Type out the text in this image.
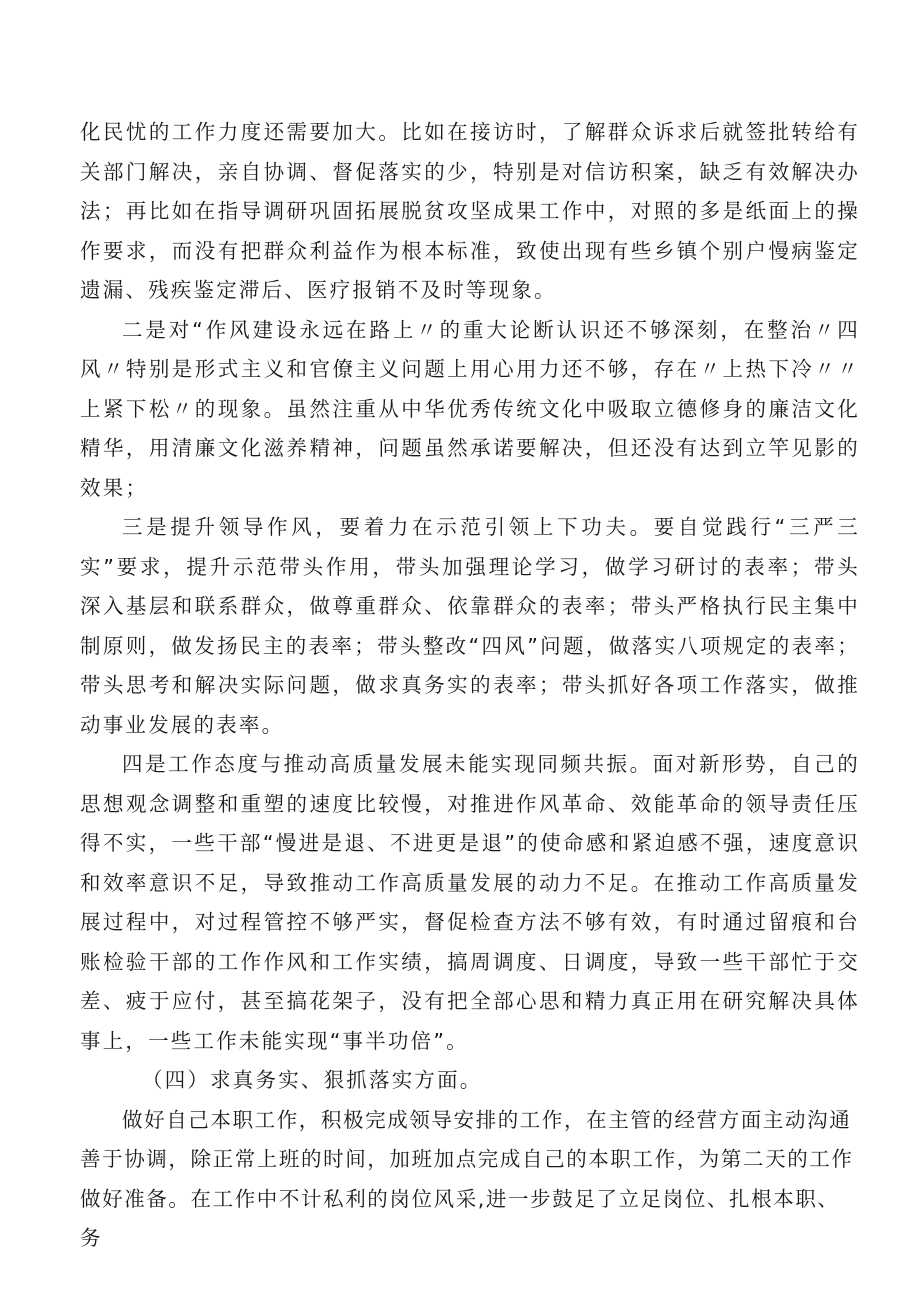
化民忧的工作力度还需要加大。比如在接访时，了解群众诉求后就签批转给有关部门解决，亲自协调、督促落实的少，特别是对信访积案，缺乏有效解决办法；再比如在指导调研巩固拓展脱贫攻坚成果工作中，对照的多是纸面上的操作要求，而没有把群众利益作为根本标准，致使出现有些乡镇个别户慢病鉴定遗漏、残疾鉴定滞后、医疗报销不及时等现象。

二是对“作风建设永远在路上〃的重大论断认识还不够深刻，在整治〃四风〃特别是形式主义和官僚主义问题上用心用力还不够，存在〃上热下冷〃〃上紧下松〃的现象。虽然注重从中华优秀传统文化中吸取立德修身的廉洁文化精华，用清廉文化滋养精神，问题虽然承诺要解决，但还没有达到立竿见影的效果；

三是提升领导作风，要着力在示范引领上下功夫。要自觉践行“三严三实”要求，提升示范带头作用，带头加强理论学习，做学习研讨的表率；带头深入基层和联系群众，做尊重群众、依靠群众的表率；带头严格执行民主集中制原则，做发扬民主的表率；带头整改“四风”问题，做落实八项规定的表率；带头思考和解决实际问题，做求真务实的表率；带头抓好各项工作落实，做推动事业发展的表率。

四是工作态度与推动高质量发展未能实现同频共振。面对新形势，自己的思想观念调整和重塑的速度比较慢，对推进作风革命、效能革命的领导责任压得不实，一些干部“慢进是退、不进更是退”的使命感和紧迫感不强，速度意识和效率意识不足，导致推动工作高质量发展的动力不足。在推动工作高质量发展过程中，对过程管控不够严实，督促检查方法不够有效，有时通过留痕和台账检验干部的工作作风和工作实绩，搞周调度、日调度，导致一些干部忙于交差、疲于应付，甚至搞花架子，没有把全部心思和精力真正用在研究解决具体事上，一些工作未能实现“事半功倍”。

（四）求真务实、狠抓落实方面。

做好自己本职工作，积极完成领导安排的工作，在主管的经营方面主动沟通
善于协调，除正常上班的时间，加班加点完成自己的本职工作，为第二天的工作
做好准备。在工作中不计私利的岗位风采,进一步鼓足了立足岗位、扎根本职、务
